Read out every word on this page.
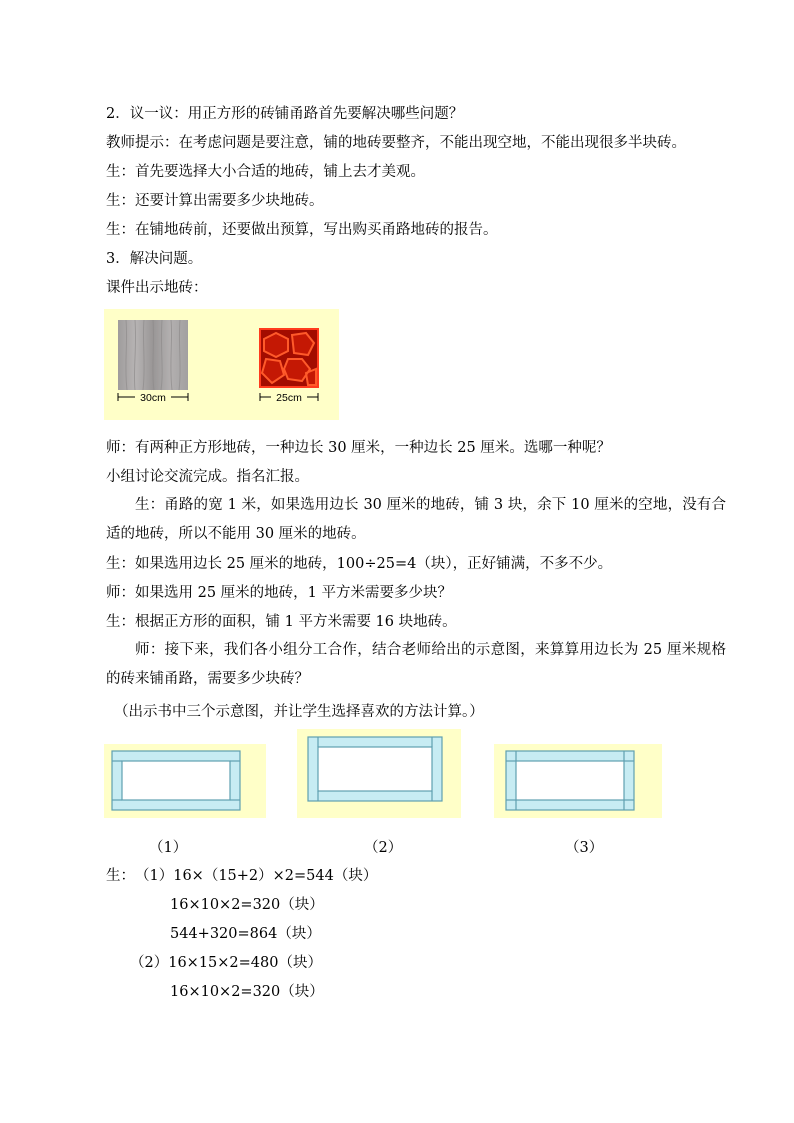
2．议一议：用正方形的砖铺甬路首先要解决哪些问题？
教师提示：在考虑问题是要注意，铺的地砖要整齐，不能出现空地，不能出现很多半块砖。
生：首先要选择大小合适的地砖，铺上去才美观。
生：还要计算出需要多少块地砖。
生：在铺地砖前，还要做出预算，写出购买甬路地砖的报告。
3．解决问题。
课件出示地砖：
30cm	25cm
师：有两种正方形地砖，一种边长 30 厘米，一种边长 25 厘米。选哪一种呢？
小组讨论交流完成。指名汇报。
生：甬路的宽 1 米，如果选用边长 30 厘米的地砖，铺 3 块，余下 10 厘米的空地，没有合适的地砖，所以不能用 30 厘米的地砖。
生：如果选用边长 25 厘米的地砖，100÷25=4（块），正好铺满，不多不少。
师：如果选用 25 厘米的地砖，1 平方米需要多少块？
生：根据正方形的面积，铺 1 平方米需要 16 块地砖。
师：接下来，我们各小组分工合作，结合老师给出的示意图，来算算用边长为 25 厘米规格的砖来铺甬路，需要多少块砖？
（出示书中三个示意图，并让学生选择喜欢的方法计算。）
（1）	（2）	（3）
生： （1）16×（15+2）×2=544（块）
16×10×2=320（块）
544+320=864（块）
（2）16×15×2=480（块）
16×10×2=320（块）
